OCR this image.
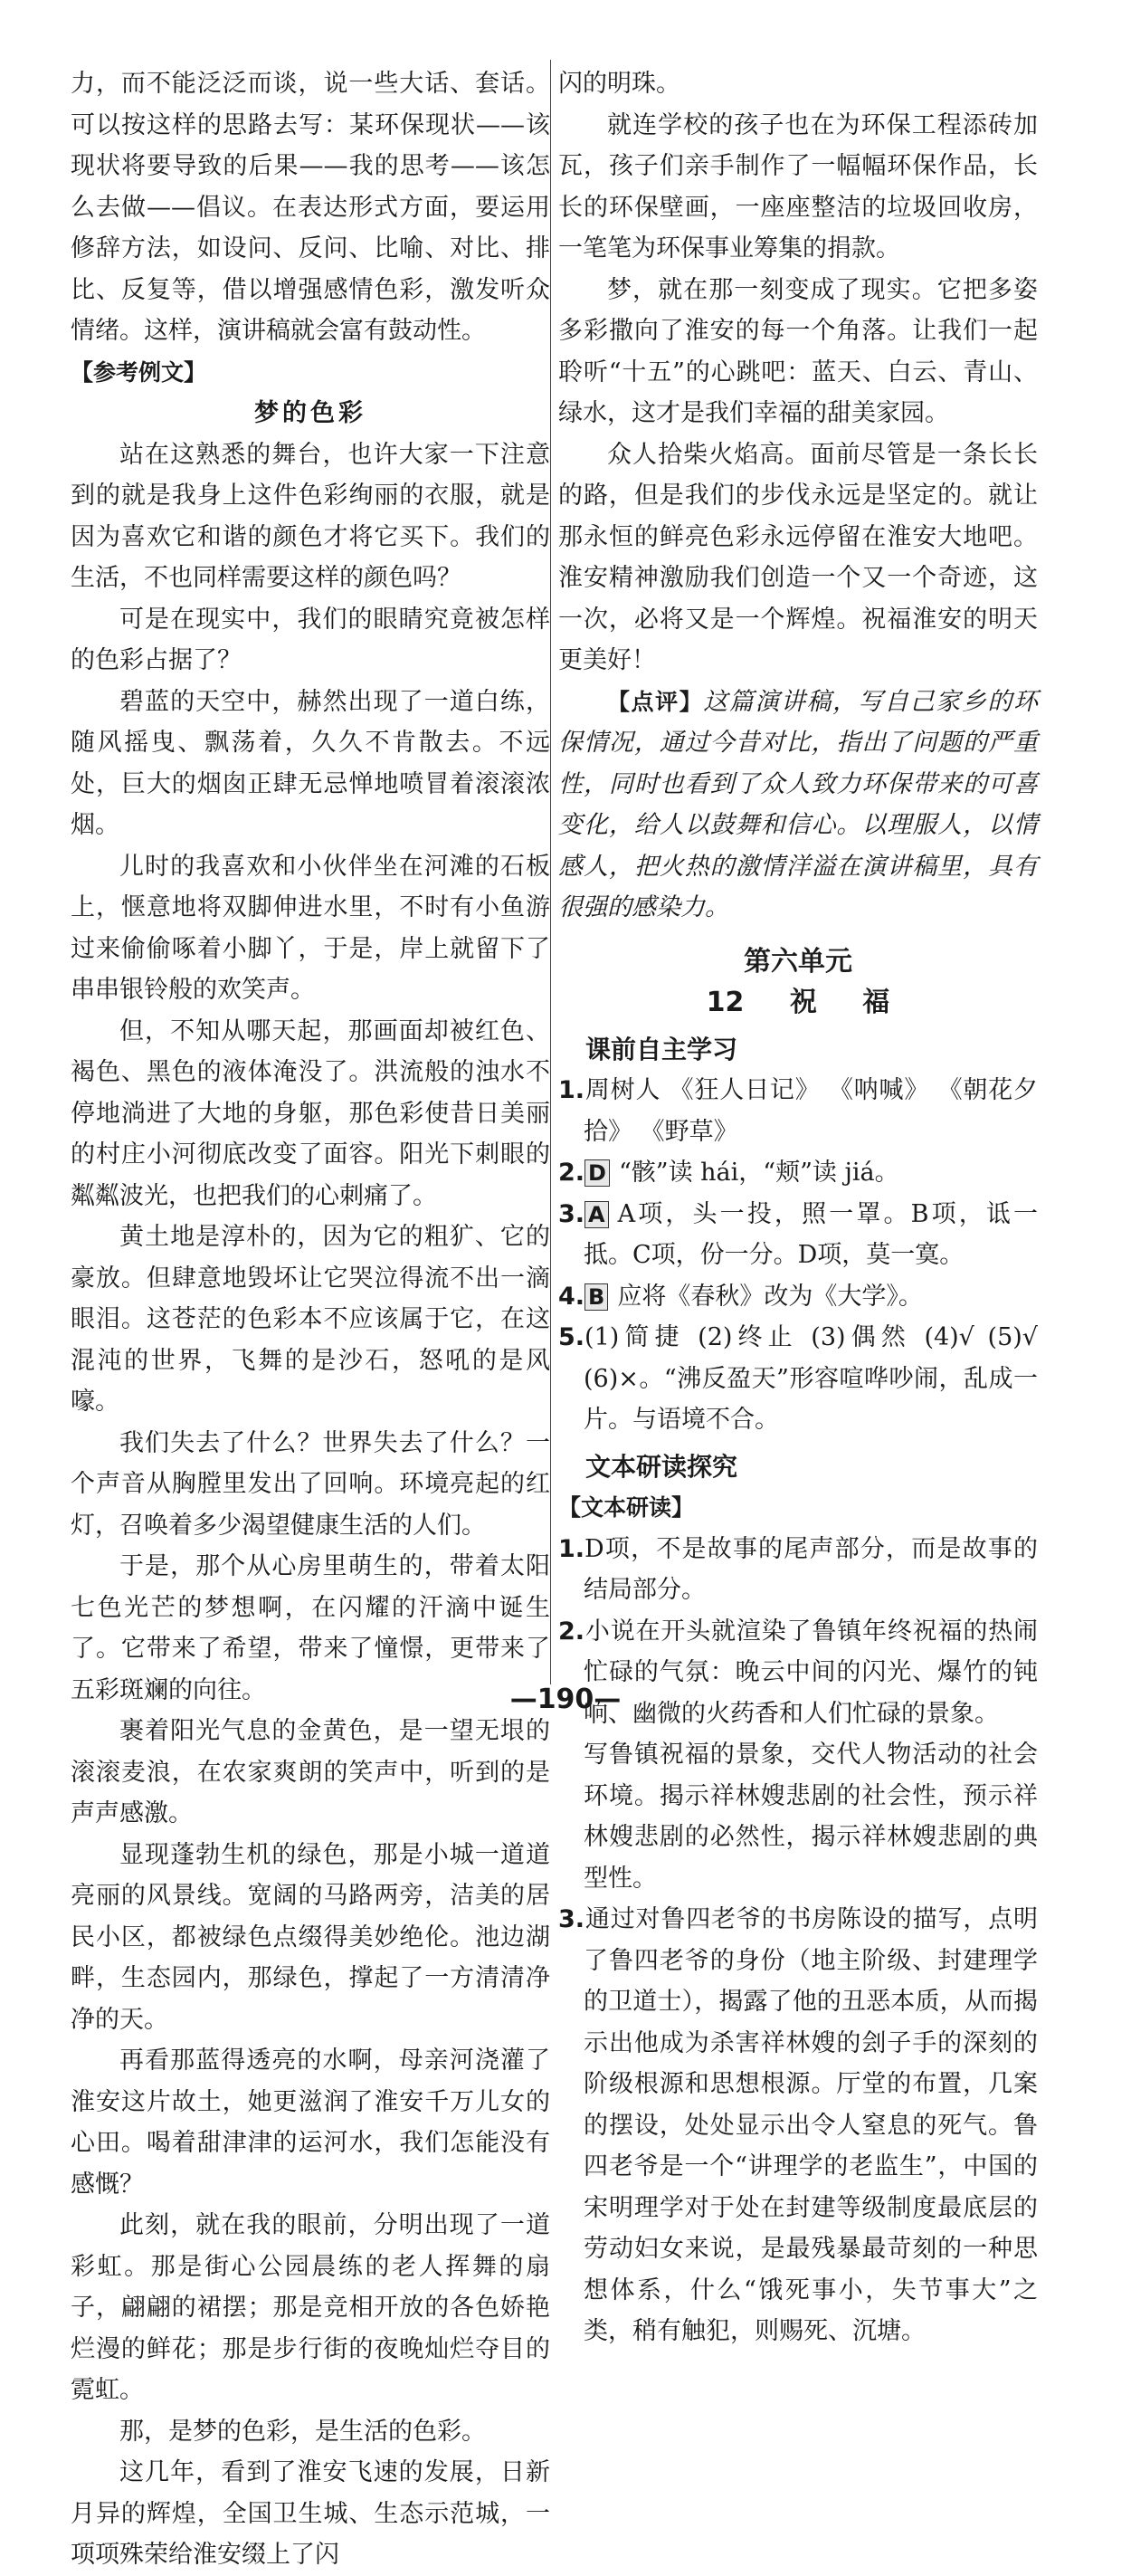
力，而不能泛泛而谈，说一些大话、套话。可以按这样的思路去写：某环保现状——该现状将要导致的后果——我的思考——该怎么去做——倡议。在表达形式方面，要运用修辞方法，如设问、反问、比喻、对比、排比、反复等，借以增强感情色彩，激发听众情绪。这样，演讲稿就会富有鼓动性。

【参考例文】

梦的色彩

站在这熟悉的舞台，也许大家一下注意到的就是我身上这件色彩绚丽的衣服，就是因为喜欢它和谐的颜色才将它买下。我们的生活，不也同样需要这样的颜色吗？

可是在现实中，我们的眼睛究竟被怎样的色彩占据了？

碧蓝的天空中，赫然出现了一道白练，随风摇曳、飘荡着，久久不肯散去。不远处，巨大的烟囱正肆无忌惮地喷冒着滚滚浓烟。

儿时的我喜欢和小伙伴坐在河滩的石板上，惬意地将双脚伸进水里，不时有小鱼游过来偷偷啄着小脚丫，于是，岸上就留下了串串银铃般的欢笑声。

但，不知从哪天起，那画面却被红色、褐色、黑色的液体淹没了。洪流般的浊水不停地淌进了大地的身躯，那色彩使昔日美丽的村庄小河彻底改变了面容。阳光下刺眼的粼粼波光，也把我们的心刺痛了。

黄土地是淳朴的，因为它的粗犷、它的豪放。但肆意地毁坏让它哭泣得流不出一滴眼泪。这苍茫的色彩本不应该属于它，在这混沌的世界，飞舞的是沙石，怒吼的是风嚎。

我们失去了什么？世界失去了什么？一个声音从胸膛里发出了回响。环境亮起的红灯，召唤着多少渴望健康生活的人们。

于是，那个从心房里萌生的，带着太阳七色光芒的梦想啊，在闪耀的汗滴中诞生了。它带来了希望，带来了憧憬，更带来了五彩斑斓的向往。

裹着阳光气息的金黄色，是一望无垠的滚滚麦浪，在农家爽朗的笑声中，听到的是声声感激。

显现蓬勃生机的绿色，那是小城一道道亮丽的风景线。宽阔的马路两旁，洁美的居民小区，都被绿色点缀得美妙绝伦。池边湖畔，生态园内，那绿色，撑起了一方清清净净的天。

再看那蓝得透亮的水啊，母亲河浇灌了淮安这片故土，她更滋润了淮安千万儿女的心田。喝着甜津津的运河水，我们怎能没有感慨？

此刻，就在我的眼前，分明出现了一道彩虹。那是街心公园晨练的老人挥舞的扇子，翩翩的裙摆；那是竞相开放的各色娇艳烂漫的鲜花；那是步行街的夜晚灿烂夺目的霓虹。

那，是梦的色彩，是生活的色彩。

这几年，看到了淮安飞速的发展，日新月异的辉煌，全国卫生城、生态示范城，一项项殊荣给淮安缀上了闪

闪的明珠。

就连学校的孩子也在为环保工程添砖加瓦，孩子们亲手制作了一幅幅环保作品，长长的环保壁画，一座座整洁的垃圾回收房，一笔笔为环保事业筹集的捐款。

梦，就在那一刻变成了现实。它把多姿多彩撒向了淮安的每一个角落。让我们一起聆听“十五”的心跳吧：蓝天、白云、青山、绿水，这才是我们幸福的甜美家园。

众人拾柴火焰高。面前尽管是一条长长的路，但是我们的步伐永远是坚定的。就让那永恒的鲜亮色彩永远停留在淮安大地吧。淮安精神激励我们创造一个又一个奇迹，这一次，必将又是一个辉煌。祝福淮安的明天更美好！

【点评】这篇演讲稿，写自己家乡的环保情况，通过今昔对比，指出了问题的严重性，同时也看到了众人致力环保带来的可喜变化，给人以鼓舞和信心。以理服人，以情感人，把火热的激情洋溢在演讲稿里，具有很强的感染力。

第六单元

12 祝 福

课前自主学习

1.周树人 《狂人日记》 《呐喊》 《朝花夕拾》 《野草》

2. D “骸”读 hái，“颊”读 jiá。

3. A A项，头一投，照一罩。B项，诋一抵。C项，份一分。D项，莫一寞。

4. B 应将《春秋》改为《大学》。

5.(1)简捷 (2)终止 (3)偶然 (4)√ (5)√ (6)×。“沸反盈天”形容喧哗吵闹，乱成一片。与语境不合。

文本研读探究

【文本研读】

1.D项，不是故事的尾声部分，而是故事的结局部分。

2.小说在开头就渲染了鲁镇年终祝福的热闹忙碌的气氛：晚云中间的闪光、爆竹的钝响、幽微的火药香和人们忙碌的景象。

写鲁镇祝福的景象，交代人物活动的社会环境。揭示祥林嫂悲剧的社会性，预示祥林嫂悲剧的必然性，揭示祥林嫂悲剧的典型性。

3.通过对鲁四老爷的书房陈设的描写，点明了鲁四老爷的身份（地主阶级、封建理学的卫道士），揭露了他的丑恶本质，从而揭示出他成为杀害祥林嫂的刽子手的深刻的阶级根源和思想根源。厅堂的布置，几案的摆设，处处显示出令人窒息的死气。鲁四老爷是一个“讲理学的老监生”，中国的宋明理学对于处在封建等级制度最底层的劳动妇女来说，是最残暴最苛刻的一种思想体系，什么“饿死事小，失节事大”之类，稍有触犯，则赐死、沉塘。

—190—
